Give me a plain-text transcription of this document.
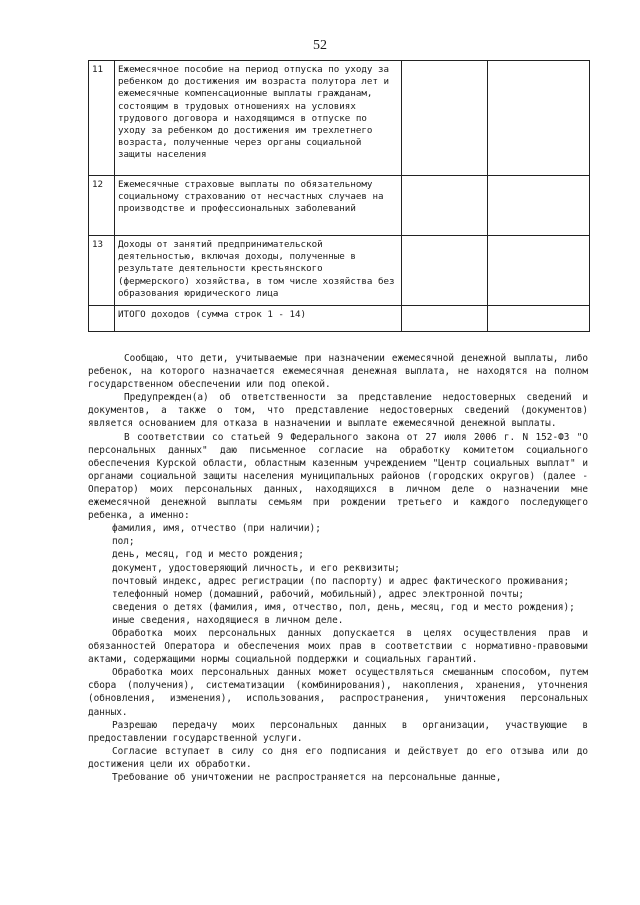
52
11	Ежемесячное пособие на период отпуска по уходу за ребенком до достижения им возраста полутора лет и ежемесячные компенсационные выплаты гражданам, состоящим в трудовых отношениях на условиях трудового договора и находящимся в отпуске по уходу за ребенком до достижения им трехлетнего возраста, полученные через органы социальной защиты населения		
12	Ежемесячные страховые выплаты по обязательному социальному страхованию от несчастных случаев на производстве и профессиональных заболеваний		
13	Доходы от занятий предпринимательской деятельностью, включая доходы, полученные в результате деятельности крестьянского (фермерского) хозяйства, в том числе хозяйства без образования юридического лица		
	ИТОГО доходов (сумма строк 1 - 14)		

Сообщаю, что дети, учитываемые при назначении ежемесячной денежной выплаты, либо ребенок, на которого назначается ежемесячная денежная выплата, не находятся на полном государственном обеспечении или под опекой.

Предупрежден(а) об ответственности за представление недостоверных сведений и документов, а также о том, что представление недостоверных сведений (документов) является основанием для отказа в назначении и выплате ежемесячной денежной выплаты.

В соответствии со статьей 9 Федерального закона от 27 июля 2006 г. N 152-ФЗ "О персональных данных" даю письменное согласие на обработку комитетом социального обеспечения Курской области, областным казенным учреждением "Центр социальных выплат" и органами социальной защиты населения муниципальных районов (городских округов) (далее - Оператор) моих персональных данных, находящихся в личном деле о назначении мне ежемесячной денежной выплаты семьям при рождении третьего и каждого последующего ребенка, а именно:

фамилия, имя, отчество (при наличии);

пол;

день, месяц, год и место рождения;

документ, удостоверяющий личность, и его реквизиты;

почтовый индекс, адрес регистрации (по паспорту) и адрес фактического проживания;

телефонный номер (домашний, рабочий, мобильный), адрес электронной почты;

сведения о детях (фамилия, имя, отчество, пол, день, месяц, год и место рождения);

иные сведения, находящиеся в личном деле.

Обработка моих персональных данных допускается в целях осуществления прав и обязанностей Оператора и обеспечения моих прав в соответствии с нормативно-правовыми актами, содержащими нормы социальной поддержки и социальных гарантий.

Обработка моих персональных данных может осуществляться смешанным способом, путем сбора (получения), систематизации (комбинирования), накопления, хранения, уточнения (обновления, изменения), использования, распространения, уничтожения персональных данных.

Разрешаю передачу моих персональных данных в организации, участвующие в предоставлении государственной услуги.

Согласие вступает в силу со дня его подписания и действует до его отзыва или до достижения цели их обработки.

Требование об уничтожении не распространяется на персональные данные,
